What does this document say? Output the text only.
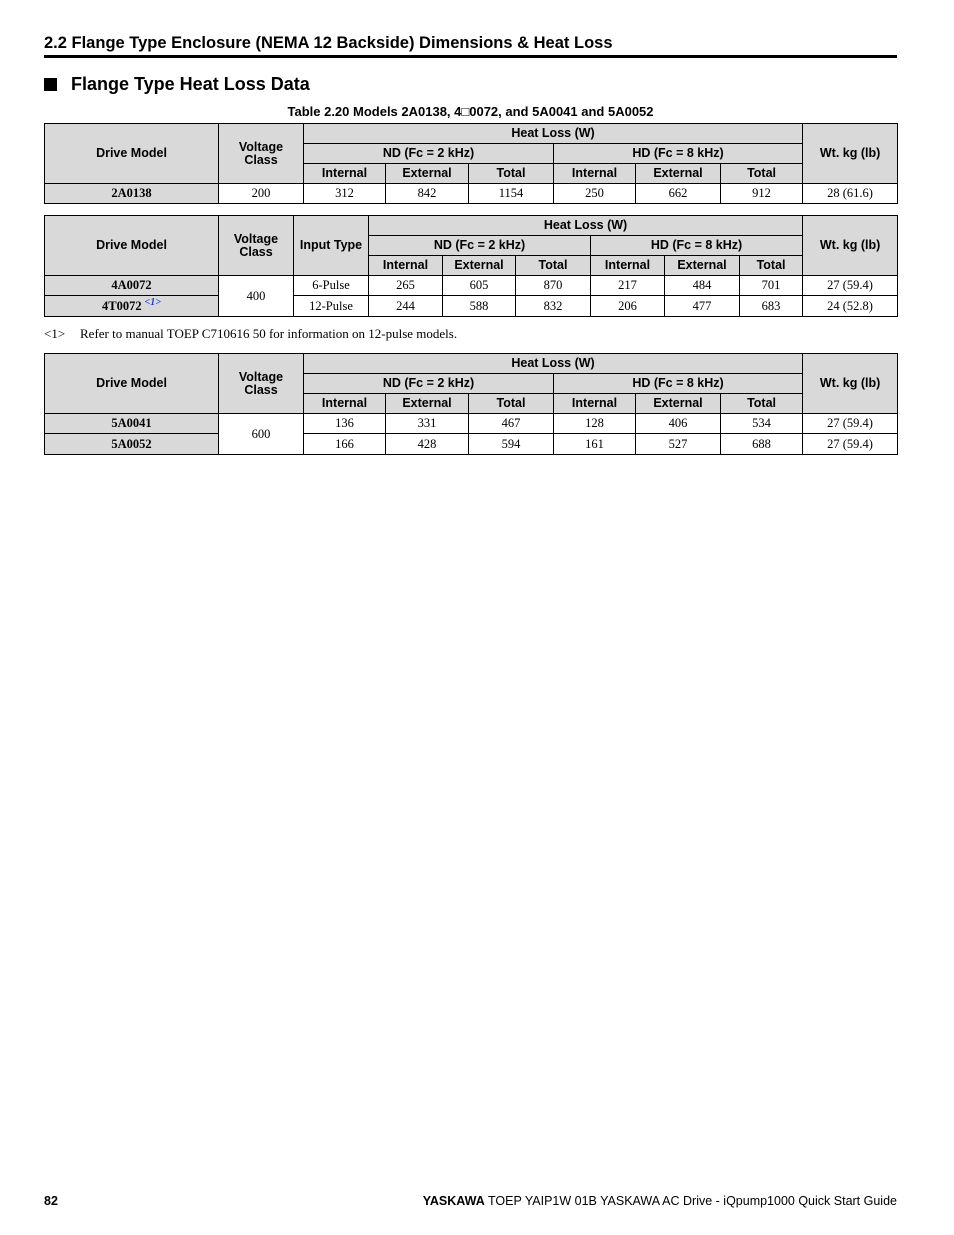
2.2 Flange Type Enclosure (NEMA 12 Backside) Dimensions & Heat Loss
Flange Type Heat Loss Data
Table 2.20 Models 2A0138, 4□0072, and 5A0041 and 5A0052
Drive Model	Voltage
Class	Heat Loss (W)						Wt. kg (lb)
		ND (Fc = 2 kHz)			HD (Fc = 8 kHz)			
		Internal	External	Total	Internal	External	Total	
2A0138	200	312	842	1154	250	662	912	28 (61.6)
Drive Model	Voltage
Class	Input Type	Heat Loss (W)						Wt. kg (lb)
			ND (Fc = 2 kHz)			HD (Fc = 8 kHz)			
			Internal	External	Total	Internal	External	Total	
4A0072	400	6-Pulse	265	605	870	217	484	701	27 (59.4)
4T0072 $^{<1>}$		12-Pulse	244	588	832	206	477	683	24 (52.8)
<1> Refer to manual TOEP C710616 50 for information on 12-pulse models.
Drive Model	Voltage
Class	Heat Loss (W)						Wt. kg (lb)
		ND (Fc = 2 kHz)			HD (Fc = 8 kHz)			
		Internal	External	Total	Internal	External	Total	
5A0041	600	136	331	467	128	406	534	27 (59.4)
5A0052		166	428	594	161	527	688	27 (59.4)
82	YASKAWA TOEP YAIP1W 01B YASKAWA AC Drive - iQpump1000 Quick Start Guide
